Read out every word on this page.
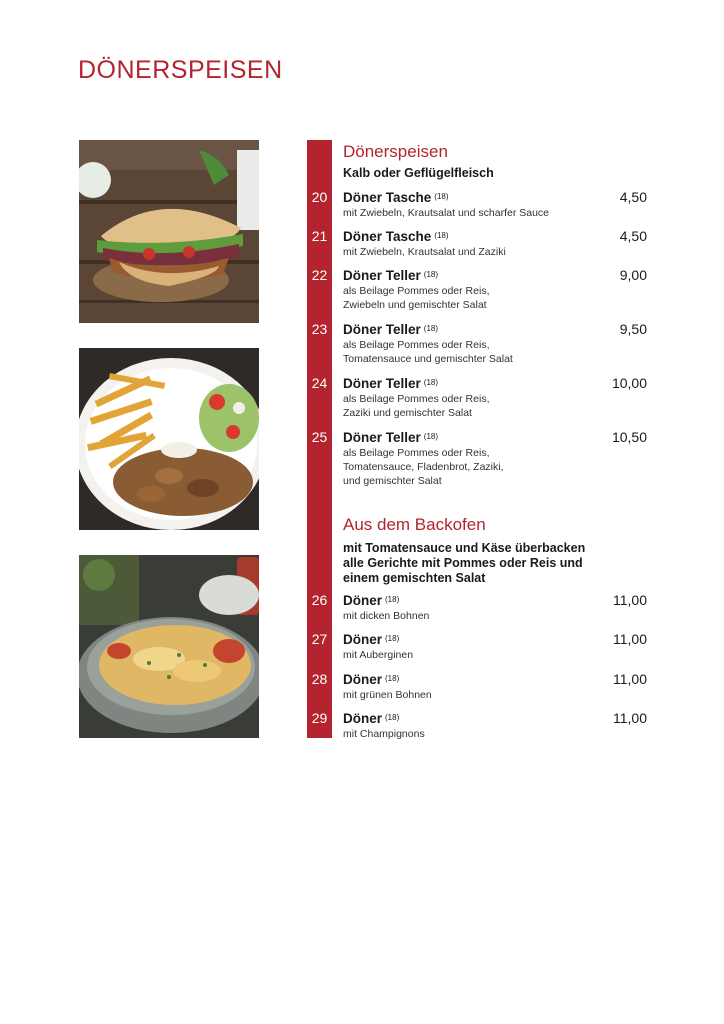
DÖNERSPEISEN
Dönerspeisen

Kalb oder Geflügelfleisch

20	Döner Tasche $^{(18)}$	4,50
mit Zwiebeln, Krautsalat und scharfer Sauce
21	Döner Tasche $^{(18)}$	4,50
mit Zwiebeln, Krautsalat und Zaziki
22	Döner Teller $^{(18)}$	9,00
als Beilage Pommes oder Reis,
Zwiebeln und gemischter Salat
23	Döner Teller $^{(18)}$	9,50
als Beilage Pommes oder Reis,
Tomatensauce und gemischter Salat
24	Döner Teller $^{(18)}$	10,00
als Beilage Pommes oder Reis,
Zaziki und gemischter Salat
25	Döner Teller $^{(18)}$	10,50
als Beilage Pommes oder Reis,
Tomatensauce, Fladenbrot, Zaziki,
und gemischter Salat
Aus dem Backofen

mit Tomatensauce und Käse überbacken
alle Gerichte mit Pommes oder Reis und
einem gemischten Salat

26	Döner $^{(18)}$	11,00
mit dicken Bohnen
27	Döner $^{(18)}$	11,00
mit Auberginen
28	Döner $^{(18)}$	11,00
mit grünen Bohnen
29	Döner $^{(18)}$	11,00
mit Champignons
